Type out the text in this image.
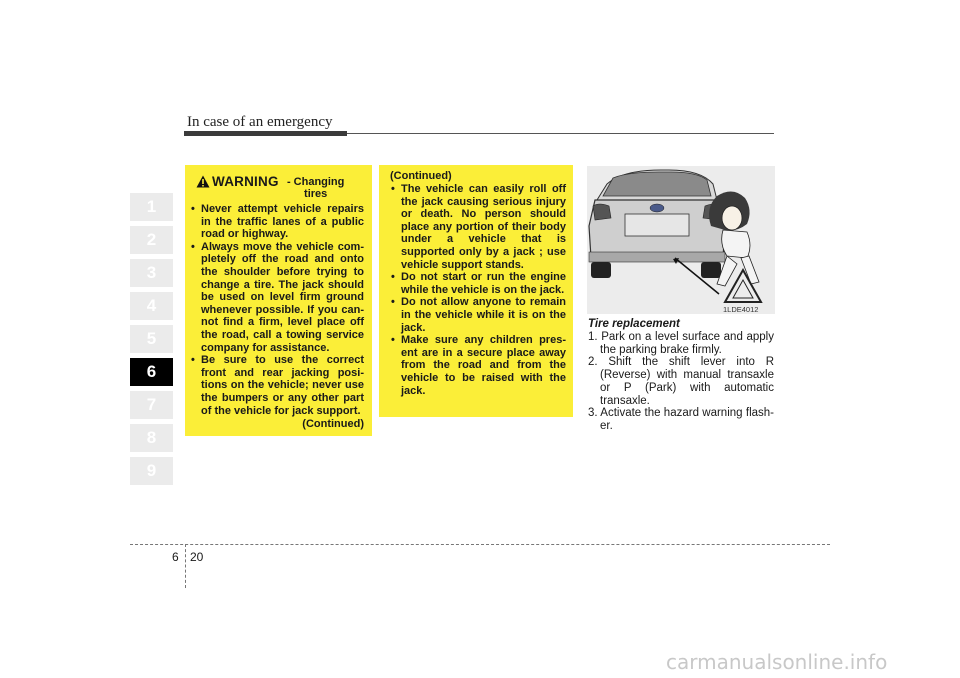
In case of an emergency
1
2
3
4
5
6
7
8
9
WARNING - Changing tires
• Never attempt vehicle repairs in the traffic lanes of a public road or highway.
• Always move the vehicle com-pletely off the road and onto the shoulder before trying to change a tire. The jack should be used on level firm ground whenever possible. If you can-not find a firm, level place off the road, call a towing service company for assistance.
• Be sure to use the correct front and rear jacking posi-tions on the vehicle; never use the bumpers or any other part of the vehicle for jack support.
(Continued)
(Continued)
• The vehicle can easily roll off the jack causing serious injury or death. No person should place any portion of their body under a vehicle that is supported only by a jack ; use vehicle support stands.
• Do not start or run the engine while the vehicle is on the jack.
• Do not allow anyone to remain in the vehicle while it is on the jack.
• Make sure any children pres-ent are in a secure place away from the road and from the vehicle to be raised with the jack.
1LDE4012
Tire replacement
1. Park on a level surface and apply the parking brake firmly.
2. Shift the shift lever into R (Reverse) with manual transaxle or P (Park) with automatic transaxle.
3. Activate the hazard warning flash-er.
6 20
carmanualsonline.info
